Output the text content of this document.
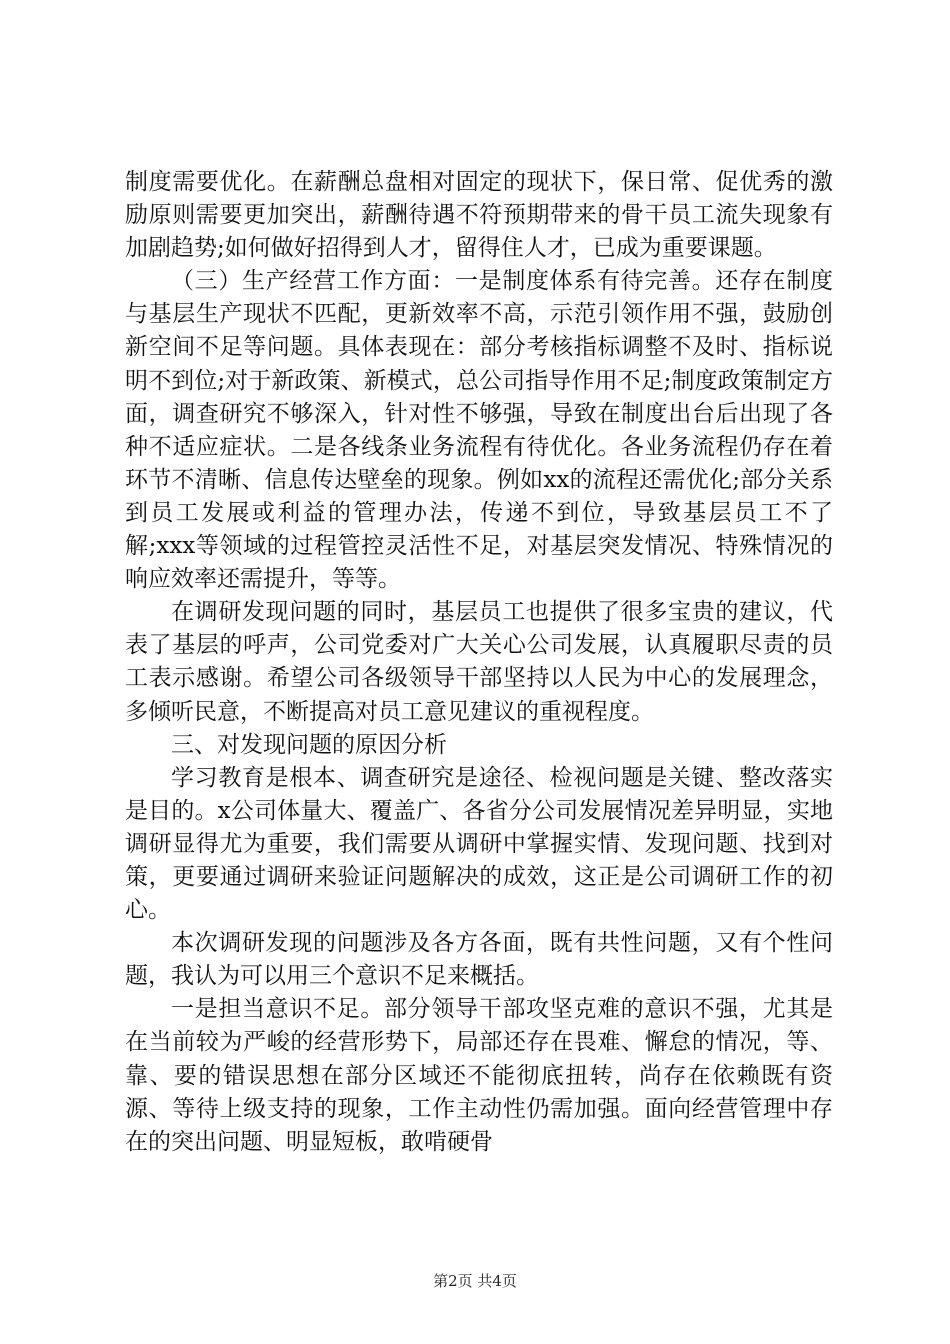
制度需要优化。在薪酬总盘相对固定的现状下，保日常、促优秀的激励原则需要更加突出，薪酬待遇不符预期带来的骨干员工流失现象有加剧趋势;如何做好招得到人才，留得住人才，已成为重要课题。

（三）生产经营工作方面：一是制度体系有待完善。还存在制度与基层生产现状不匹配，更新效率不高，示范引领作用不强，鼓励创新空间不足等问题。具体表现在：部分考核指标调整不及时、指标说明不到位;对于新政策、新模式，总公司指导作用不足;制度政策制定方面，调查研究不够深入，针对性不够强，导致在制度出台后出现了各种不适应症状。二是各线条业务流程有待优化。各业务流程仍存在着环节不清晰、信息传达壁垒的现象。例如xx的流程还需优化;部分关系到员工发展或利益的管理办法，传递不到位，导致基层员工不了解;xxx等领域的过程管控灵活性不足，对基层突发情况、特殊情况的响应效率还需提升，等等。

在调研发现问题的同时，基层员工也提供了很多宝贵的建议，代表了基层的呼声，公司党委对广大关心公司发展，认真履职尽责的员工表示感谢。希望公司各级领导干部坚持以人民为中心的发展理念，多倾听民意，不断提高对员工意见建议的重视程度。

三、对发现问题的原因分析

学习教育是根本、调查研究是途径、检视问题是关键、整改落实是目的。x公司体量大、覆盖广、各省分公司发展情况差异明显，实地调研显得尤为重要，我们需要从调研中掌握实情、发现问题、找到对策，更要通过调研来验证问题解决的成效，这正是公司调研工作的初心。

本次调研发现的问题涉及各方各面，既有共性问题，又有个性问题，我认为可以用三个意识不足来概括。

一是担当意识不足。部分领导干部攻坚克难的意识不强，尤其是在当前较为严峻的经营形势下，局部还存在畏难、懈怠的情况，等、靠、要的错误思想在部分区域还不能彻底扭转，尚存在依赖既有资源、等待上级支持的现象，工作主动性仍需加强。面向经营管理中存在的突出问题、明显短板，敢啃硬骨

第2页 共4页
